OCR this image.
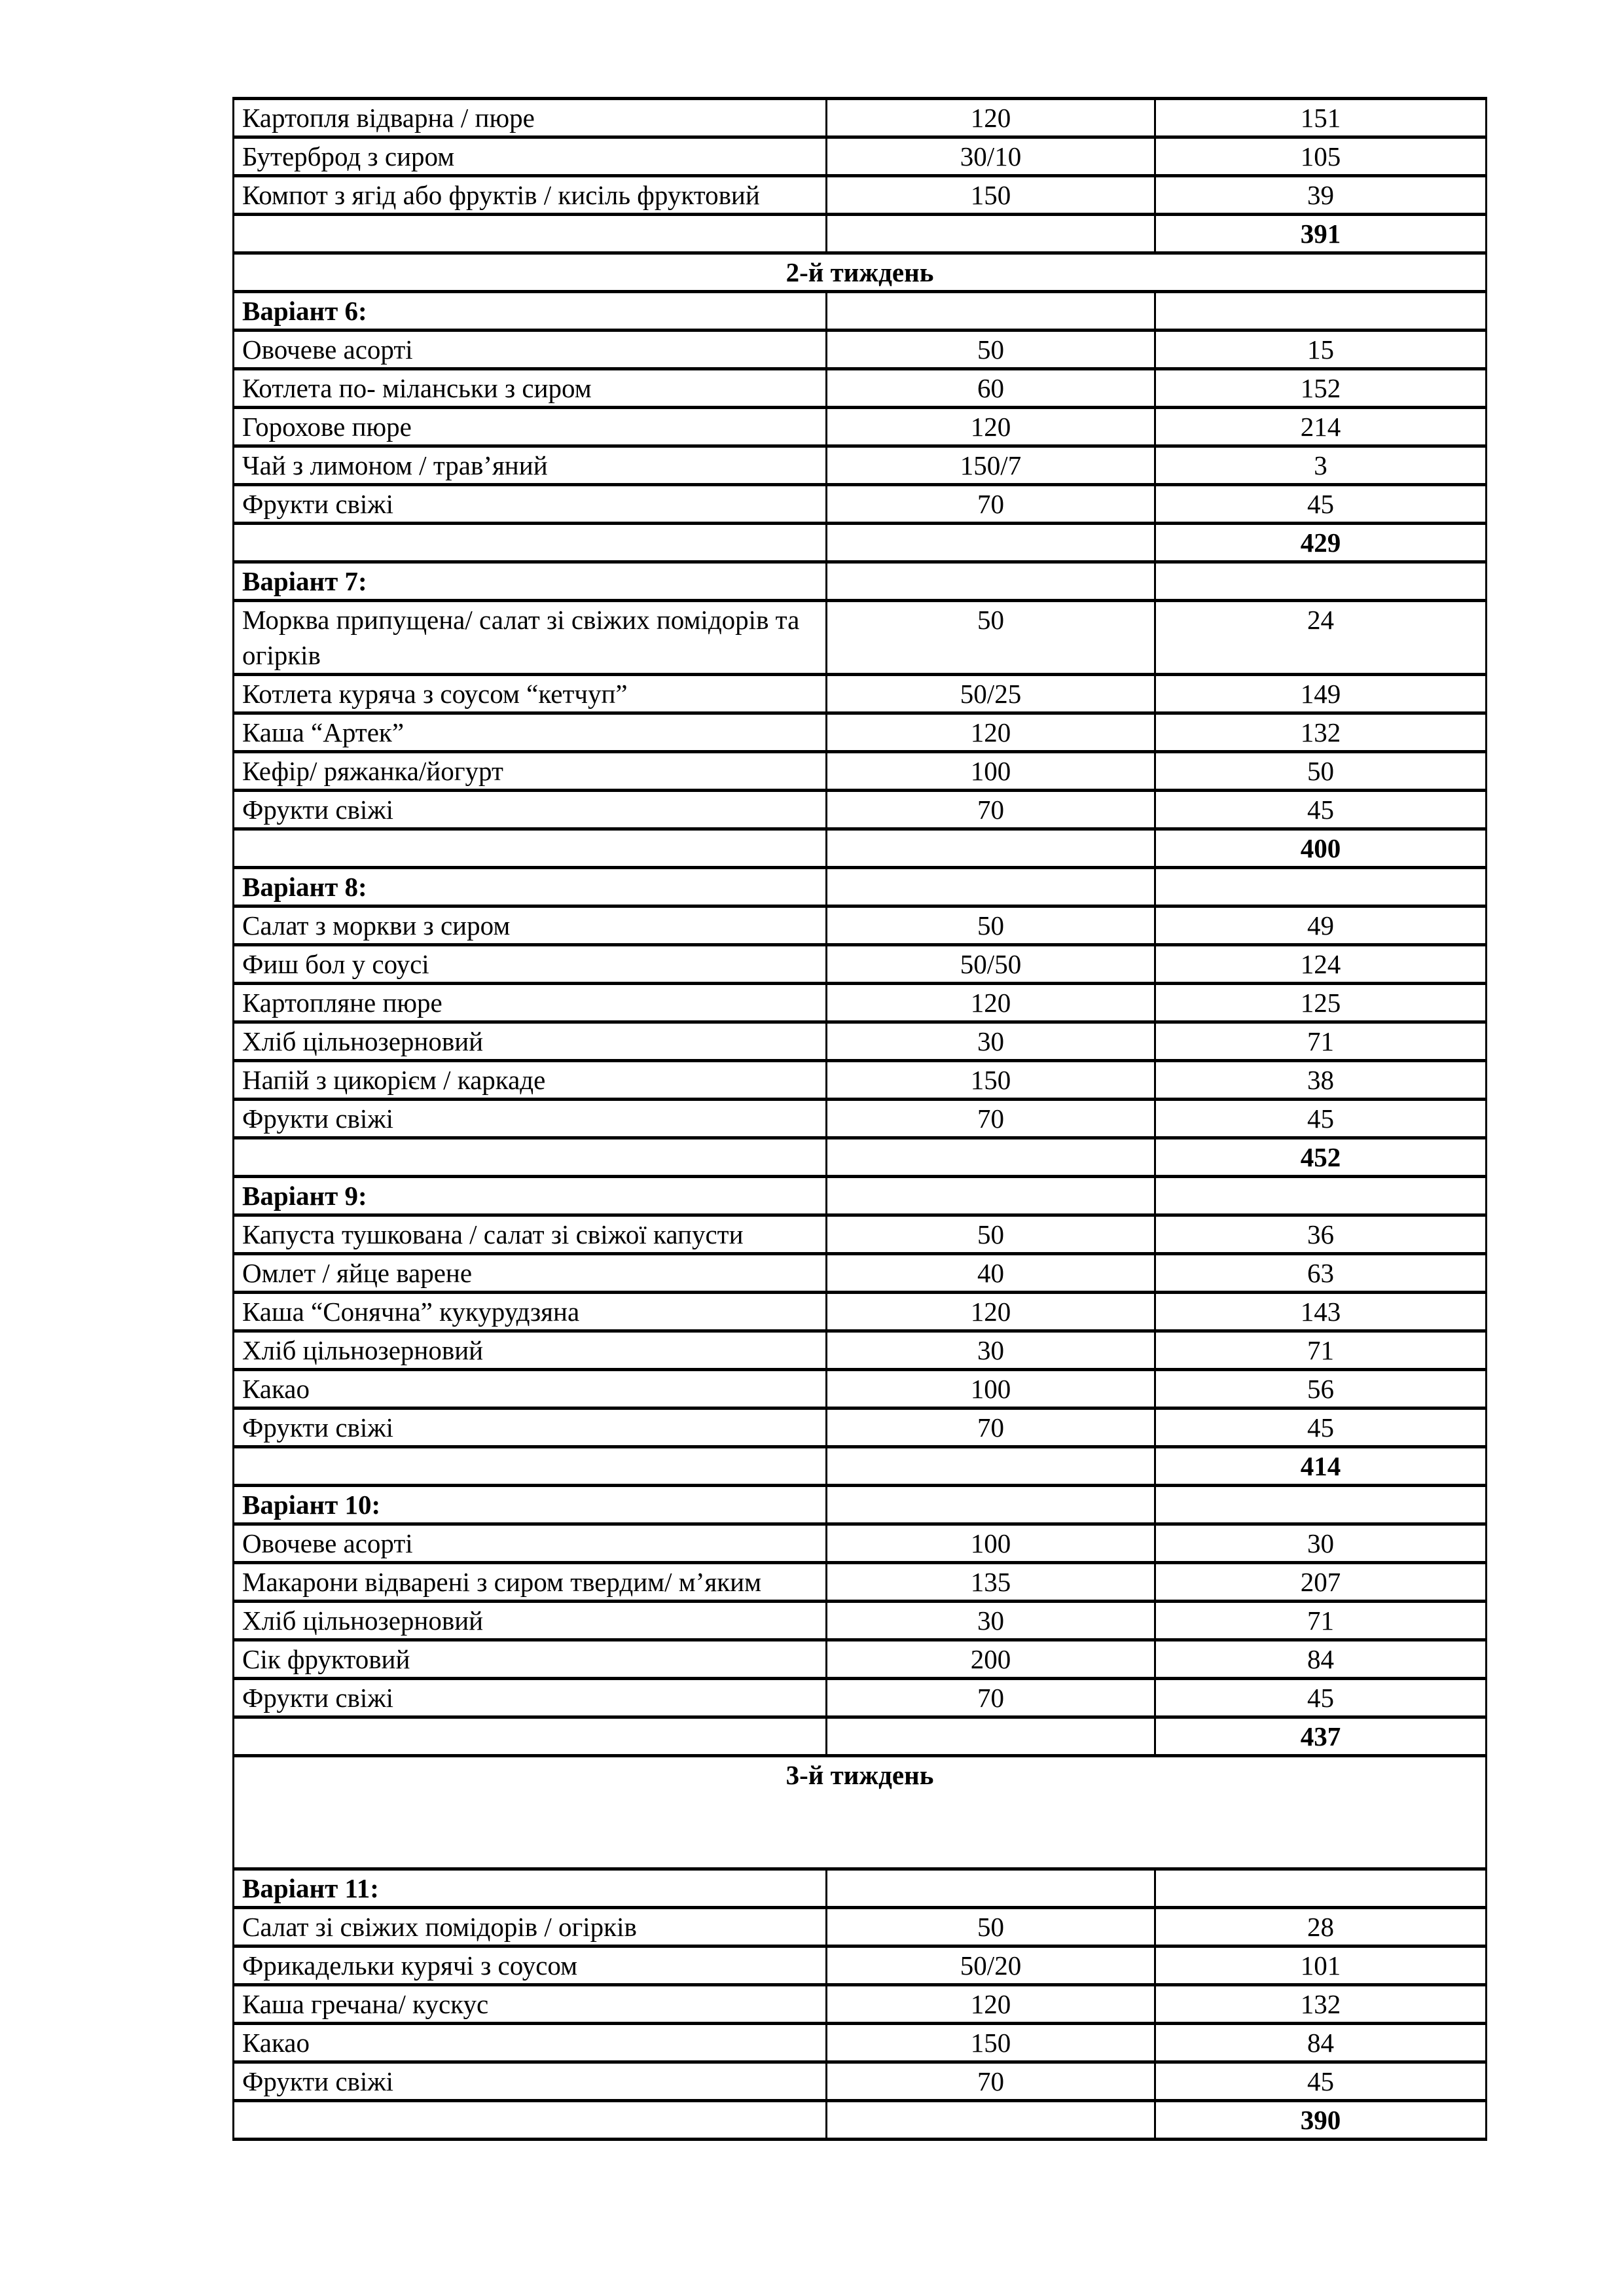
Картопля відварна / пюре	120	151
Бутерброд з сиром	30/10	105
Компот з ягід або фруктів / кисіль фруктовий	150	39
		391
2-й тиждень		
Варіант 6:		
Овочеве асорті	50	15
Котлета по- міланськи з сиром	60	152
Горохове пюре	120	214
Чай з лимоном / трав’яний	150/7	3
Фрукти свіжі	70	45
		429
Варіант 7:		
Морква припущена/ салат зі свіжих помідорів та огірків	50	24
Котлета куряча з соусом “кетчуп”	50/25	149
Каша “Артек”	120	132
Кефір/ ряжанка/йогурт	100	50
Фрукти свіжі	70	45
		400
Варіант 8:		
Салат з моркви з сиром	50	49
Фиш бол у соусі	50/50	124
Картопляне пюре	120	125
Хліб цільнозерновий	30	71
Напій з цикорієм / каркаде	150	38
Фрукти свіжі	70	45
		452
Варіант 9:		
Капуста тушкована / салат зі свіжої капусти	50	36
Омлет / яйце варене	40	63
Каша “Сонячна” кукурудзяна	120	143
Хліб цільнозерновий	30	71
Какао	100	56
Фрукти свіжі	70	45
		414
Варіант 10:		
Овочеве асорті	100	30
Макарони відварені з сиром твердим/ м’яким	135	207
Хліб цільнозерновий	30	71
Сік фруктовий	200	84
Фрукти свіжі	70	45
		437
3-й тиждень		
Варіант 11:		
Салат зі свіжих помідорів / огірків	50	28
Фрикадельки курячі з соусом	50/20	101
Каша гречана/ кускус	120	132
Какао	150	84
Фрукти свіжі	70	45
		390
